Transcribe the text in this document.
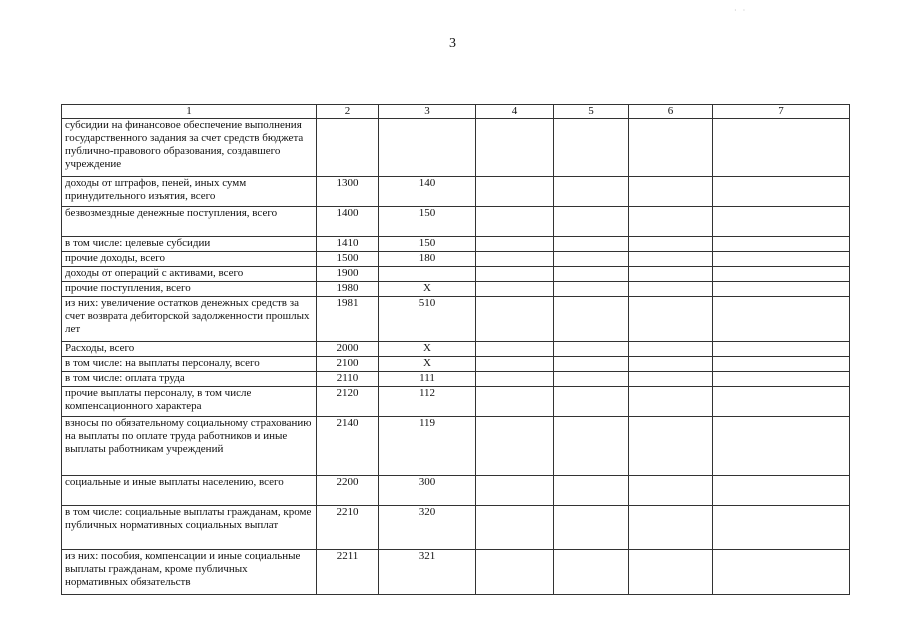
· ·
3
1	2	3	4	5	6	7
субсидии на финансовое обеспечение выполнения государственного задания за счет средств бюджета публично-правового образования, создавшего учреждение						
доходы от штрафов, пеней, иных сумм принудительного изъятия, всего	1300	140				
безвозмездные денежные поступления, всего	1400	150				
в том числе: целевые субсидии	1410	150				
прочие доходы, всего	1500	180				
доходы от операций с активами, всего	1900					
прочие поступления, всего	1980	X				
из них: увеличение остатков денежных средств за счет возврата дебиторской задолженности прошлых лет	1981	510				
Расходы, всего	2000	X				
в том числе: на выплаты персоналу, всего	2100	X				
в том числе: оплата труда	2110	111				
прочие выплаты персоналу, в том числе компенсационного характера	2120	112				
взносы по обязательному социальному страхованию на выплаты по оплате труда работников и иные выплаты работникам учреждений	2140	119				
социальные и иные выплаты населению, всего	2200	300				
в том числе: социальные выплаты гражданам, кроме публичных нормативных социальных выплат	2210	320				
из них: пособия, компенсации и иные социальные выплаты гражданам, кроме публичных нормативных обязательств	2211	321				
